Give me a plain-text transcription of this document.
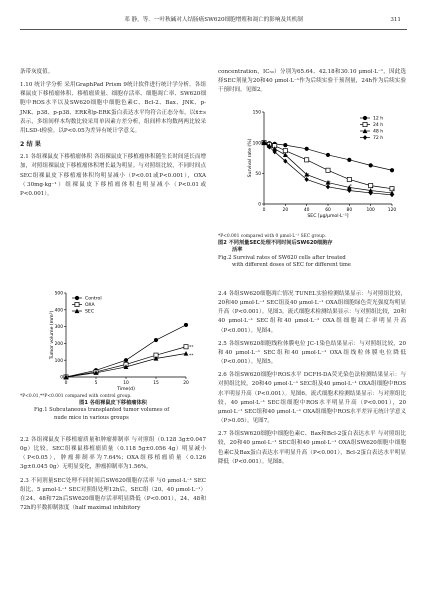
邓 静，等．一叶秋碱对人结肠癌SW620细胞增殖和凋亡的影响及其机制	311

条带灰度值。

1.10 统计学分析 采用GraphPad Prism 9统计软件进行统计学分析。各组裸鼠皮下移植瘤体积、移植瘤质量、细胞存活率、细胞凋亡率、SW620细胞中ROS水平以及SW620细胞中细胞色素C、Bcl-2、Bax、JNK、p-JNK、p38、p-p38、ERK和p-ERK蛋白表达水平均符合正态分布，以x̄±s表示，多组间样本均数比较采用单因素方差分析，组间样本均数两两比较采用LSD-t检验。以P<0.05为差异有统计学意义。

2 结 果

2.1 各组裸鼠皮下移植瘤体积 各组裸鼠皮下移植瘤体积随生长时间延长而增加，对照组裸鼠皮下移植瘤体积增长最为明显。与对照组比较，不同时间点SEC组裸鼠皮下移植瘤体积均明显减小（P<0.01或P<0.001），OXA（30mg·kg⁻¹）组裸鼠皮下移植瘤体积也明显减小（P<0.01或P<0.001）。

0
100
200
300
400
500
0	5	10	15	20
Time(d)
Tumor volume (mm³)
Control
OXA
SEC
**
**

*P<0.01,**P<0.001 compared with control group.

图1 各组裸鼠皮下移植瘤体积

Fig.1 Subcutaneous transplanted tumor volumes of

nude mice in various groups

2.2 各组裸鼠皮下移植瘤质量和肿瘤抑制率 与对照组（0.128 3g±0.047 0g）比较，SEC组裸鼠移植瘤质量（0.118 5g±0.056 4g）明显减小（P<0.05），肿瘤抑制率为7.64%；OXA组移植瘤质量（0.126 3g±0.045 0g）无明显变化，肿瘤抑制率为1.56%。

2.3 不同剂量SEC处理不同时间后SW620细胞存活率 与0 μmol·L⁻¹ SEC组比，5 μmol·L⁻¹ SEC对照组处理12h后，SEC组（20、40 μmol·L⁻¹）在24、48和72h后SW620细胞存活率明显降低（P<0.001），24、48和72h的半数抑制浓度（half maximal inhibitory

concentration，IC₅₀）分别为65.64、42.18和30.10 μmol·L⁻¹，因此选择SEC剂量为20和40 μmol·L⁻¹作为后续实验干预剂量，24h作为后续实验干预时间。见图2。

0
50
100
150
0	20	40	60	80	100	120
SEC [μg/μmol·L⁻¹]
Survival rate (%)
12 h
24 h
48 h
72 h
*
*
*
*	*	*

*P<0.001 compared with 0 μmol·L⁻¹ SEC group.

图2 不同剂量SEC处理不同时间后SW620细胞存

活率

Fig.2 Survival rates of SW620 cells after treated

with different doses of SEC for different time

2.4 各组SW620细胞凋亡情况 TUNEL实验检测结果显示：与对照组比较，20和40 μmol·L⁻¹ SEC组及40 μmol·L⁻¹ OXA组细胞绿色荧光强度均明显升高（P<0.001）。见图3。流式细胞术检测结果显示：与对照组比较，20和40 μmol·L⁻¹ SEC组和40 μmol·L⁻¹ OXA组细胞凋亡率明显升高（P<0.001）。见图4。

2.5 各组SW620细胞线粒体膜电位 JC-1染色结果显示：与对照组比较，20和40 μmol·L⁻¹ SEC组和40 μmol·L⁻¹ OXA组线粒体膜电位降低（P<0.001）。见图5。

2.6 各组SW620细胞中ROS水平 DCFH-DA荧光染色法检测结果显示：与对照组比较，20和40 μmol·L⁻¹ SEC组及40 μmol·L⁻¹ OXA组细胞中ROS水平明显升高（P<0.001）。见图6。流式细胞术检测结果显示：与对照组比较，40 μmol·L⁻¹ SEC组细胞中ROS水平明显升高（P<0.001），20 μmol·L⁻¹ SEC组和40 μmol·L⁻¹ OXA组细胞中ROS水平差异无统计学意义（P>0.05）。见图7。

2.7 各组SW620细胞中细胞色素C、Bax和Bcl-2蛋白表达水平 与对照组比较，20和40 μmol·L⁻¹ SEC组和40 μmol·L⁻¹ OXA组SW620细胞中细胞色素C及Bax蛋白表达水平明显升高（P<0.001），Bcl-2蛋白表达水平明显降低（P<0.001）。见图8。
